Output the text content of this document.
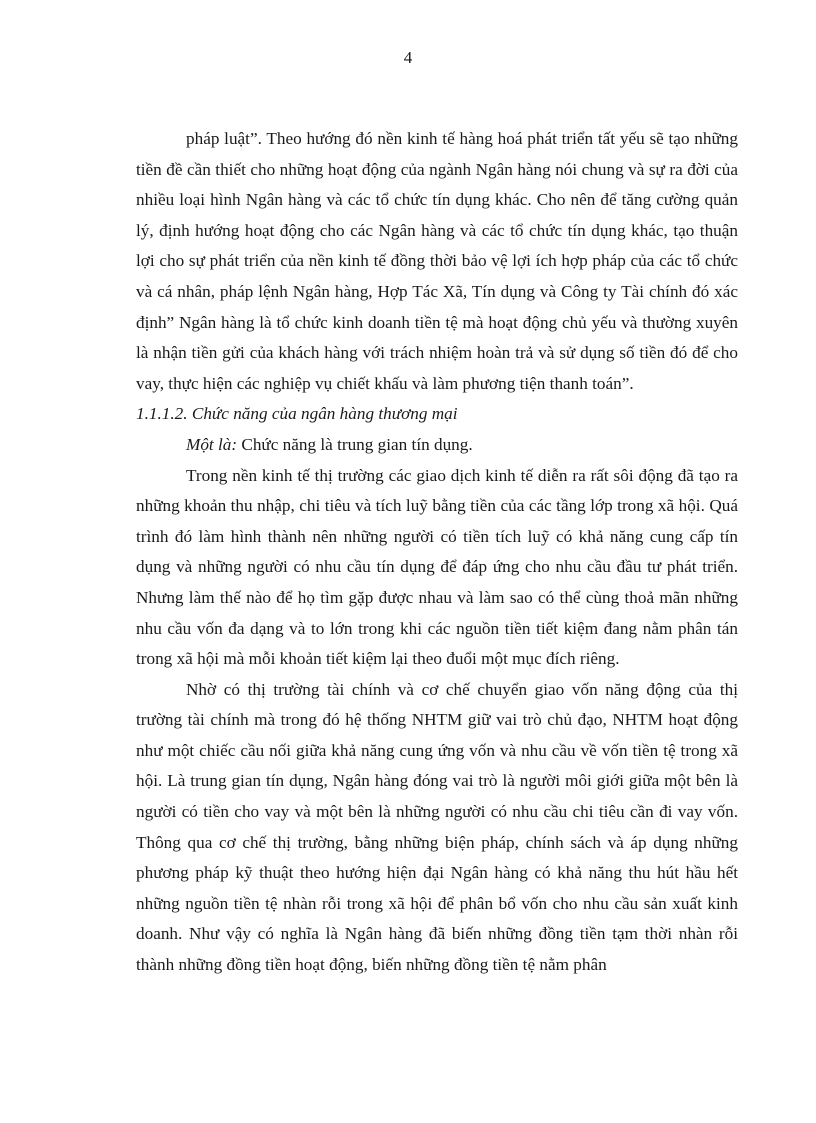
4

pháp luật”. Theo hướng đó nền kinh tế hàng hoá phát triển tất yếu sẽ tạo những tiền đề cần thiết cho những hoạt động của ngành Ngân hàng nói chung và sự ra đời của nhiều loại hình Ngân hàng và các tổ chức tín dụng khác. Cho nên để tăng cường quản lý, định hướng hoạt động cho các Ngân hàng và các tổ chức tín dụng khác, tạo thuận lợi cho sự phát triển của nền kinh tế đồng thời bảo vệ lợi ích hợp pháp của các tổ chức và cá nhân, pháp lệnh Ngân hàng, Hợp Tác Xã, Tín dụng và Công ty Tài chính đó xác định” Ngân hàng là tổ chức kinh doanh tiền tệ mà hoạt động chủ yếu và thường xuyên là nhận tiền gửi của khách hàng với trách nhiệm hoàn trả và sử dụng số tiền đó để cho vay, thực hiện các nghiệp vụ chiết khấu và làm phương tiện thanh toán”.

1.1.1.2. Chức năng của ngân hàng thương mại

Một là: Chức năng là trung gian tín dụng.

Trong nền kinh tế thị trường các giao dịch kinh tế diễn ra rất sôi động đã tạo ra những khoản thu nhập, chi tiêu và tích luỹ bằng tiền của các tầng lớp trong xã hội. Quá trình đó làm hình thành nên những người có tiền tích luỹ có khả năng cung cấp tín dụng và những người có nhu cầu tín dụng để đáp ứng cho nhu cầu đầu tư phát triển. Nhưng làm thế nào để họ tìm gặp được nhau và làm sao có thể cùng thoả mãn những nhu cầu vốn đa dạng và to lớn trong khi các nguồn tiền tiết kiệm đang nằm phân tán trong xã hội mà mỗi khoản tiết kiệm lại theo đuổi một mục đích riêng.

Nhờ có thị trường tài chính và cơ chế chuyển giao vốn năng động của thị trường tài chính mà trong đó hệ thống NHTM giữ vai trò chủ đạo, NHTM hoạt động như một chiếc cầu nối giữa khả năng cung ứng vốn và nhu cầu về vốn tiền tệ trong xã hội. Là trung gian tín dụng, Ngân hàng đóng vai trò là người môi giới giữa một bên là người có tiền cho vay và một bên là những người có nhu cầu chi tiêu cần đi vay vốn. Thông qua cơ chế thị trường, bằng những biện pháp, chính sách và áp dụng những phương pháp kỹ thuật theo hướng hiện đại Ngân hàng có khả năng thu hút hầu hết những nguồn tiền tệ nhàn rỗi trong xã hội để phân bổ vốn cho nhu cầu sản xuất kinh doanh. Như vậy có nghĩa là Ngân hàng đã biến những đồng tiền tạm thời nhàn rỗi thành những đồng tiền hoạt động, biến những đồng tiền tệ nằm phân
